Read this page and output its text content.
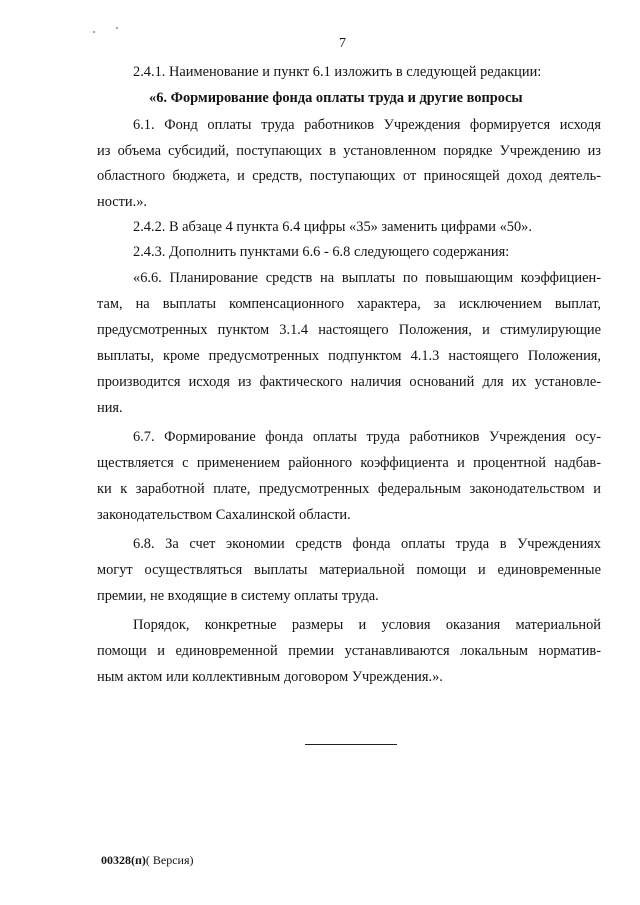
7
2.4.1. Наименование и пункт 6.1 изложить в следующей редакции:
«6. Формирование фонда оплаты труда и другие вопросы
6.1. Фонд оплаты труда работников Учреждения формируется исходя
из объема субсидий, поступающих в установленном порядке Учреждению из
областного бюджета, и средств, поступающих от приносящей доход деятель-
ности.».
2.4.2. В абзаце 4 пункта 6.4 цифры «35» заменить цифрами «50».
2.4.3. Дополнить пунктами 6.6 - 6.8 следующего содержания:
«6.6. Планирование средств на выплаты по повышающим коэффициен-
там, на выплаты компенсационного характера, за исключением выплат,
предусмотренных пунктом 3.1.4 настоящего Положения, и стимулирующие
выплаты, кроме предусмотренных подпунктом 4.1.3 настоящего Положения,
производится исходя из фактического наличия оснований для их установле-
ния.
6.7. Формирование фонда оплаты труда работников Учреждения осу-
ществляется с применением районного коэффициента и процентной надбав-
ки к заработной плате, предусмотренных федеральным законодательством и
законодательством Сахалинской области.
6.8. За счет экономии средств фонда оплаты труда в Учреждениях
могут осуществляться выплаты материальной помощи и единовременные
премии, не входящие в систему оплаты труда.
Порядок, конкретные размеры и условия оказания материальной
помощи и единовременной премии устанавливаются локальным норматив-
ным актом или коллективным договором Учреждения.».
00328(п)( Версия)
